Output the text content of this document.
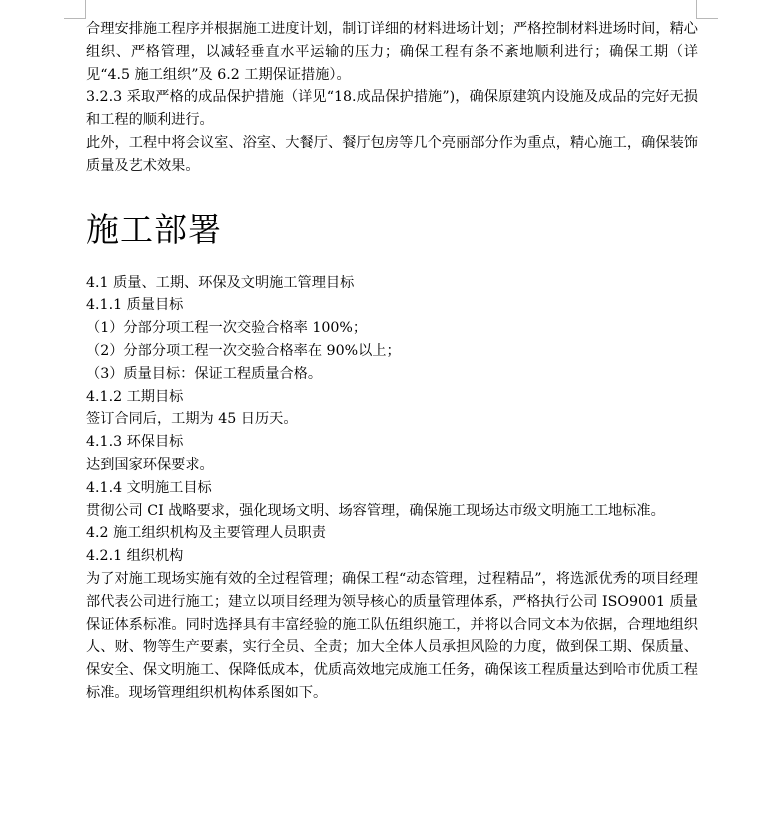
合理安排施工程序并根据施工进度计划，制订详细的材料进场计划；严格控制材料进场时间，精心组织、严格管理，以减轻垂直水平运输的压力；确保工程有条不紊地顺利进行；确保工期（详见“4.5 施工组织”及 6.2 工期保证措施）。

3.2.3 采取严格的成品保护措施（详见“18.成品保护措施”)，确保原建筑内设施及成品的完好无损和工程的顺利进行。

此外，工程中将会议室、浴室、大餐厅、餐厅包房等几个亮丽部分作为重点，精心施工，确保装饰质量及艺术效果。

施工部署

4.1 质量、工期、环保及文明施工管理目标

4.1.1 质量目标

（1）分部分项工程一次交验合格率 100%；

（2）分部分项工程一次交验合格率在 90%以上；

（3）质量目标：保证工程质量合格。

4.1.2 工期目标

签订合同后，工期为 45 日历天。

4.1.3 环保目标

达到国家环保要求。

4.1.4 文明施工目标

贯彻公司 CI 战略要求，强化现场文明、场容管理，确保施工现场达市级文明施工工地标准。

4.2 施工组织机构及主要管理人员职责

4.2.1 组织机构

为了对施工现场实施有效的全过程管理；确保工程“动态管理，过程精品”，将选派优秀的项目经理部代表公司进行施工；建立以项目经理为领导核心的质量管理体系，严格执行公司 ISO9001 质量保证体系标准。同时选择具有丰富经验的施工队伍组织施工，并将以合同文本为依据，合理地组织人、财、物等生产要素，实行全员、全责；加大全体人员承担风险的力度，做到保工期、保质量、保安全、保文明施工、保降低成本，优质高效地完成施工任务，确保该工程质量达到哈市优质工程标准。现场管理组织机构体系图如下。
